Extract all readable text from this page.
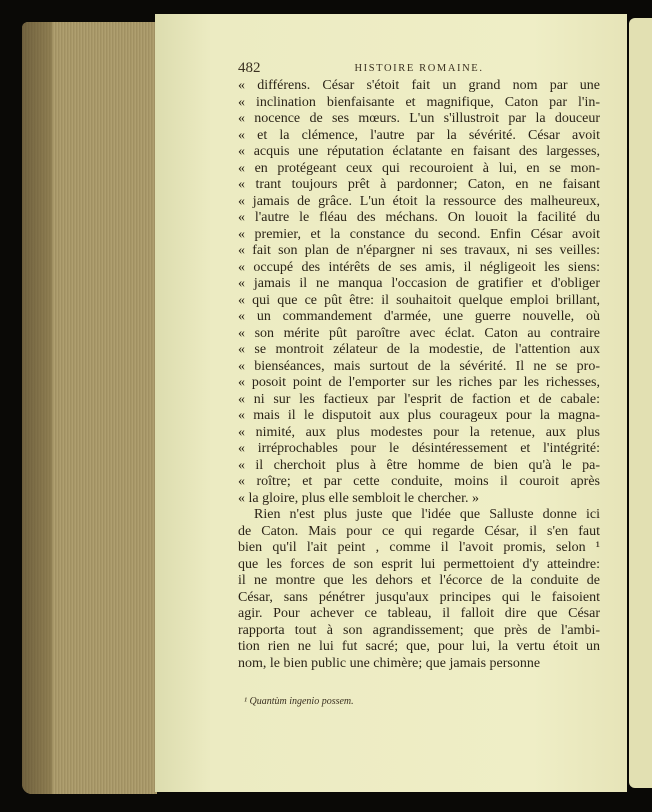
482	HISTOIRE ROMAINE.
« différens. César s'étoit fait un grand nom par une
« inclination bienfaisante et magnifique, Caton par l'in-
« nocence de ses mœurs. L'un s'illustroit par la douceur
« et la clémence, l'autre par la sévérité. César avoit
« acquis une réputation éclatante en faisant des largesses,
« en protégeant ceux qui recouroient à lui, en se mon-
« trant toujours prêt à pardonner; Caton, en ne faisant
« jamais de grâce. L'un étoit la ressource des malheureux,
« l'autre le fléau des méchans. On louoit la facilité du
« premier, et la constance du second. Enfin César avoit
« fait son plan de n'épargner ni ses travaux, ni ses veilles:
« occupé des intérêts de ses amis, il négligeoit les siens:
« jamais il ne manqua l'occasion de gratifier et d'obliger
« qui que ce pût être: il souhaitoit quelque emploi brillant,
« un commandement d'armée, une guerre nouvelle, où
« son mérite pût paroître avec éclat. Caton au contraire
« se montroit zélateur de la modestie, de l'attention aux
« bienséances, mais surtout de la sévérité. Il ne se pro-
« posoit point de l'emporter sur les riches par les richesses,
« ni sur les factieux par l'esprit de faction et de cabale:
« mais il le disputoit aux plus courageux pour la magna-
« nimité, aux plus modestes pour la retenue, aux plus
« irréprochables pour le désintéressement et l'intégrité:
« il cherchoit plus à être homme de bien qu'à le pa-
« roître; et par cette conduite, moins il couroit après
« la gloire, plus elle sembloit le chercher. »
Rien n'est plus juste que l'idée que Salluste donne ici
de Caton. Mais pour ce qui regarde César, il s'en faut
bien qu'il l'ait peint , comme il l'avoit promis, selon ¹
que les forces de son esprit lui permettoient d'y atteindre:
il ne montre que les dehors et l'écorce de la conduite de
César, sans pénétrer jusqu'aux principes qui le faisoient
agir. Pour achever ce tableau, il falloit dire que César
rapporta tout à son agrandissement; que près de l'ambi-
tion rien ne lui fut sacré; que, pour lui, la vertu étoit un
nom, le bien public une chimère; que jamais personne
¹ Quantùm ingenio possem.
